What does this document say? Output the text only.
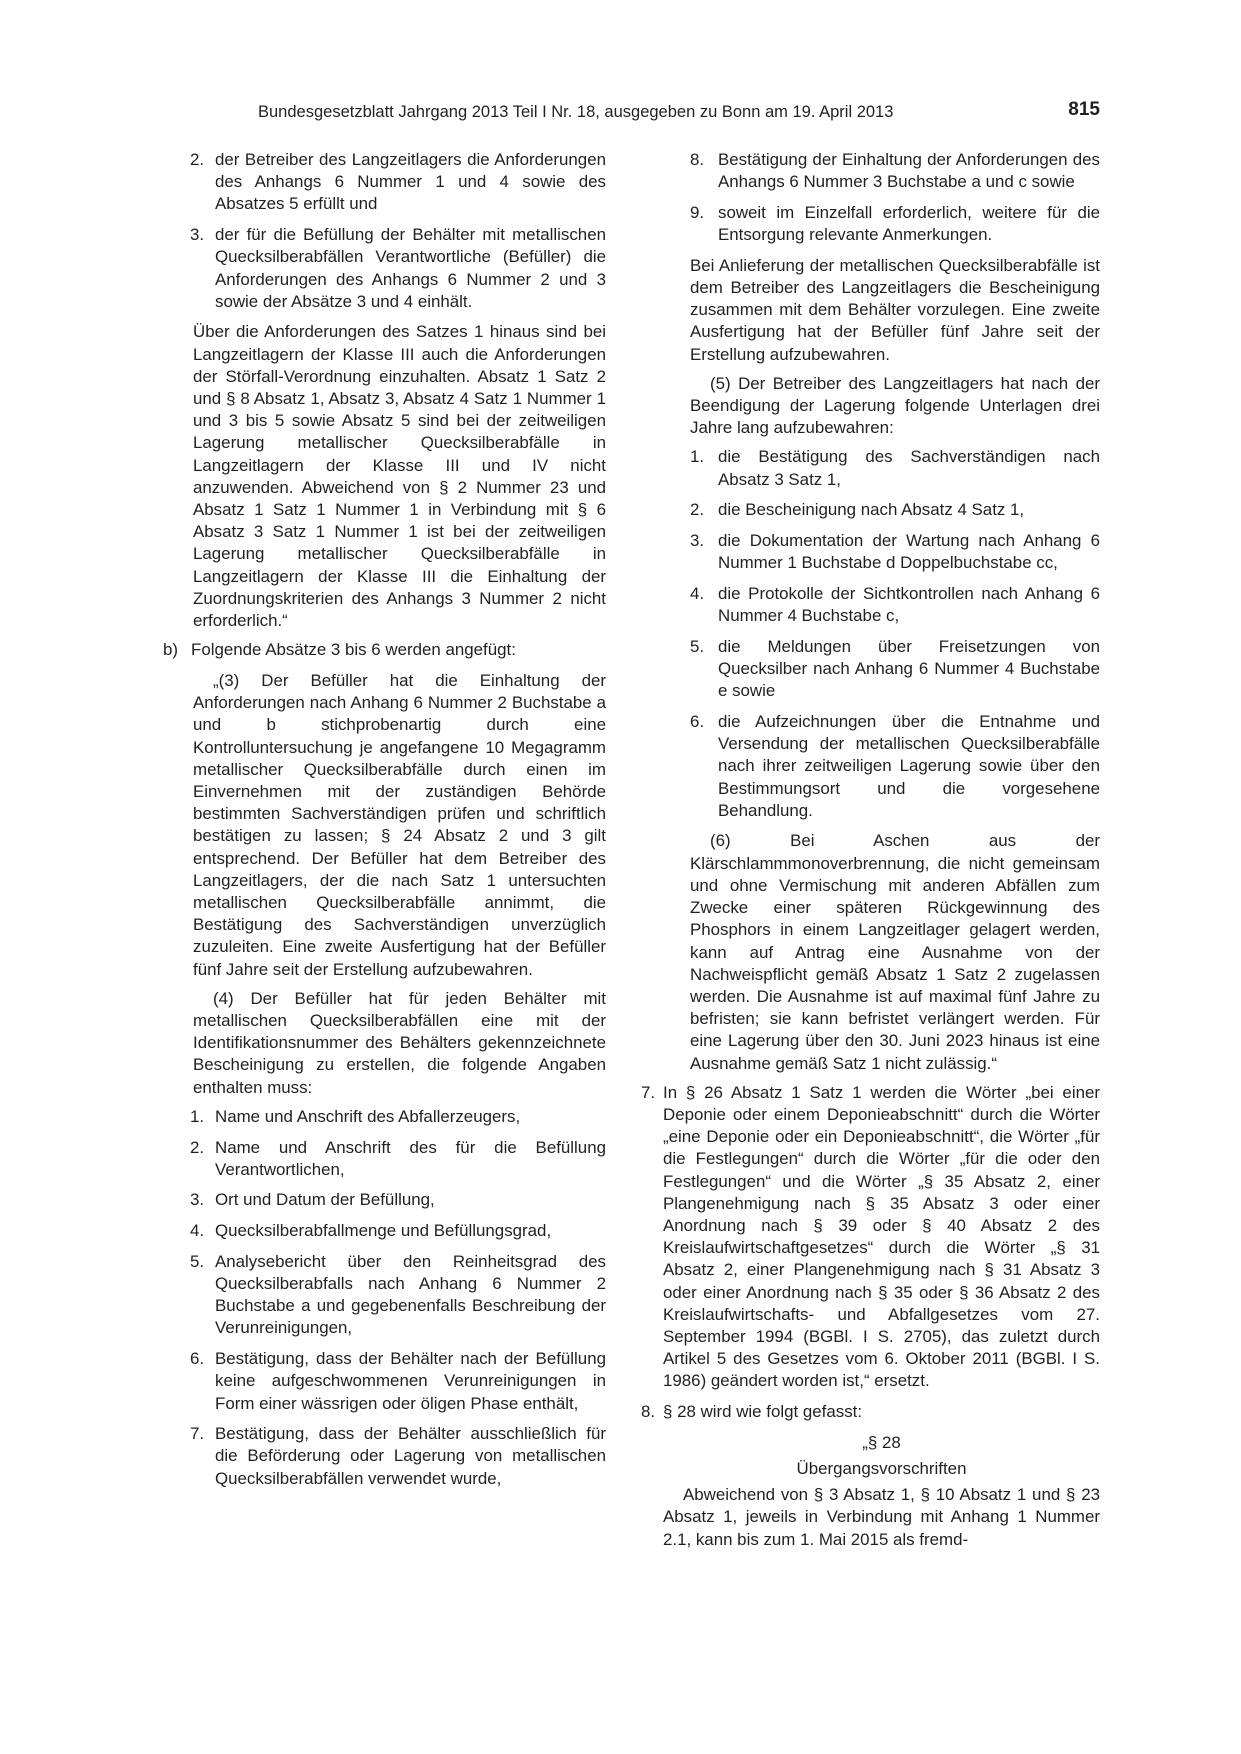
Bundesgesetzblatt Jahrgang 2013 Teil I Nr. 18, ausgegeben zu Bonn am 19. April 2013	815
2. der Betreiber des Langzeitlagers die Anforderungen des Anhangs 6 Nummer 1 und 4 sowie des Absatzes 5 erfüllt und
3. der für die Befüllung der Behälter mit metallischen Quecksilberabfällen Verantwortliche (Befüller) die Anforderungen des Anhangs 6 Nummer 2 und 3 sowie der Absätze 3 und 4 einhält.
Über die Anforderungen des Satzes 1 hinaus sind bei Langzeitlagern der Klasse III auch die Anforderungen der Störfall-Verordnung einzuhalten. Absatz 1 Satz 2 und § 8 Absatz 1, Absatz 3, Absatz 4 Satz 1 Nummer 1 und 3 bis 5 sowie Absatz 5 sind bei der zeitweiligen Lagerung metallischer Quecksilberabfälle in Langzeitlagern der Klasse III und IV nicht anzuwenden. Abweichend von § 2 Nummer 23 und Absatz 1 Satz 1 Nummer 1 in Verbindung mit § 6 Absatz 3 Satz 1 Nummer 1 ist bei der zeitweiligen Lagerung metallischer Quecksilberabfälle in Langzeitlagern der Klasse III die Einhaltung der Zuordnungskriterien des Anhangs 3 Nummer 2 nicht erforderlich.“
b) Folgende Absätze 3 bis 6 werden angefügt:
„(3) Der Befüller hat die Einhaltung der Anforderungen nach Anhang 6 Nummer 2 Buchstabe a und b stichprobenartig durch eine Kontrolluntersuchung je angefangene 10 Megagramm metallischer Quecksilberabfälle durch einen im Einvernehmen mit der zuständigen Behörde bestimmten Sachverständigen prüfen und schriftlich bestätigen zu lassen; § 24 Absatz 2 und 3 gilt entsprechend. Der Befüller hat dem Betreiber des Langzeitlagers, der die nach Satz 1 untersuchten metallischen Quecksilberabfälle annimmt, die Bestätigung des Sachverständigen unverzüglich zuzuleiten. Eine zweite Ausfertigung hat der Befüller fünf Jahre seit der Erstellung aufzubewahren.
(4) Der Befüller hat für jeden Behälter mit metallischen Quecksilberabfällen eine mit der Identifikationsnummer des Behälters gekennzeichnete Bescheinigung zu erstellen, die folgende Angaben enthalten muss:
1. Name und Anschrift des Abfallerzeugers,
2. Name und Anschrift des für die Befüllung Verantwortlichen,
3. Ort und Datum der Befüllung,
4. Quecksilberabfallmenge und Befüllungsgrad,
5. Analysebericht über den Reinheitsgrad des Quecksilberabfalls nach Anhang 6 Nummer 2 Buchstabe a und gegebenenfalls Beschreibung der Verunreinigungen,
6. Bestätigung, dass der Behälter nach der Befüllung keine aufgeschwommenen Verunreinigungen in Form einer wässrigen oder öligen Phase enthält,
7. Bestätigung, dass der Behälter ausschließlich für die Beförderung oder Lagerung von metallischen Quecksilberabfällen verwendet wurde,
8. Bestätigung der Einhaltung der Anforderungen des Anhangs 6 Nummer 3 Buchstabe a und c sowie
9. soweit im Einzelfall erforderlich, weitere für die Entsorgung relevante Anmerkungen.
Bei Anlieferung der metallischen Quecksilberabfälle ist dem Betreiber des Langzeitlagers die Bescheinigung zusammen mit dem Behälter vorzulegen. Eine zweite Ausfertigung hat der Befüller fünf Jahre seit der Erstellung aufzubewahren.
(5) Der Betreiber des Langzeitlagers hat nach der Beendigung der Lagerung folgende Unterlagen drei Jahre lang aufzubewahren:
1. die Bestätigung des Sachverständigen nach Absatz 3 Satz 1,
2. die Bescheinigung nach Absatz 4 Satz 1,
3. die Dokumentation der Wartung nach Anhang 6 Nummer 1 Buchstabe d Doppelbuchstabe cc,
4. die Protokolle der Sichtkontrollen nach Anhang 6 Nummer 4 Buchstabe c,
5. die Meldungen über Freisetzungen von Quecksilber nach Anhang 6 Nummer 4 Buchstabe e sowie
6. die Aufzeichnungen über die Entnahme und Versendung der metallischen Quecksilberabfälle nach ihrer zeitweiligen Lagerung sowie über den Bestimmungsort und die vorgesehene Behandlung.
(6) Bei Aschen aus der Klärschlammmonoverbrennung, die nicht gemeinsam und ohne Vermischung mit anderen Abfällen zum Zwecke einer späteren Rückgewinnung des Phosphors in einem Langzeitlager gelagert werden, kann auf Antrag eine Ausnahme von der Nachweispflicht gemäß Absatz 1 Satz 2 zugelassen werden. Die Ausnahme ist auf maximal fünf Jahre zu befristen; sie kann befristet verlängert werden. Für eine Lagerung über den 30. Juni 2023 hinaus ist eine Ausnahme gemäß Satz 1 nicht zulässig.“
7. In § 26 Absatz 1 Satz 1 werden die Wörter „bei einer Deponie oder einem Deponieabschnitt“ durch die Wörter „eine Deponie oder ein Deponieabschnitt“, die Wörter „für die Festlegungen“ durch die Wörter „für die oder den Festlegungen“ und die Wörter „§ 35 Absatz 2, einer Plangenehmigung nach § 35 Absatz 3 oder einer Anordnung nach § 39 oder § 40 Absatz 2 des Kreislaufwirtschaftgesetzes“ durch die Wörter „§ 31 Absatz 2, einer Plangenehmigung nach § 31 Absatz 3 oder einer Anordnung nach § 35 oder § 36 Absatz 2 des Kreislaufwirtschafts- und Abfallgesetzes vom 27. September 1994 (BGBl. I S. 2705), das zuletzt durch Artikel 5 des Gesetzes vom 6. Oktober 2011 (BGBl. I S. 1986) geändert worden ist,“ ersetzt.
8. § 28 wird wie folgt gefasst:
„§ 28
Übergangsvorschriften
Abweichend von § 3 Absatz 1, § 10 Absatz 1 und § 23 Absatz 1, jeweils in Verbindung mit Anhang 1 Nummer 2.1, kann bis zum 1. Mai 2015 als fremd-
